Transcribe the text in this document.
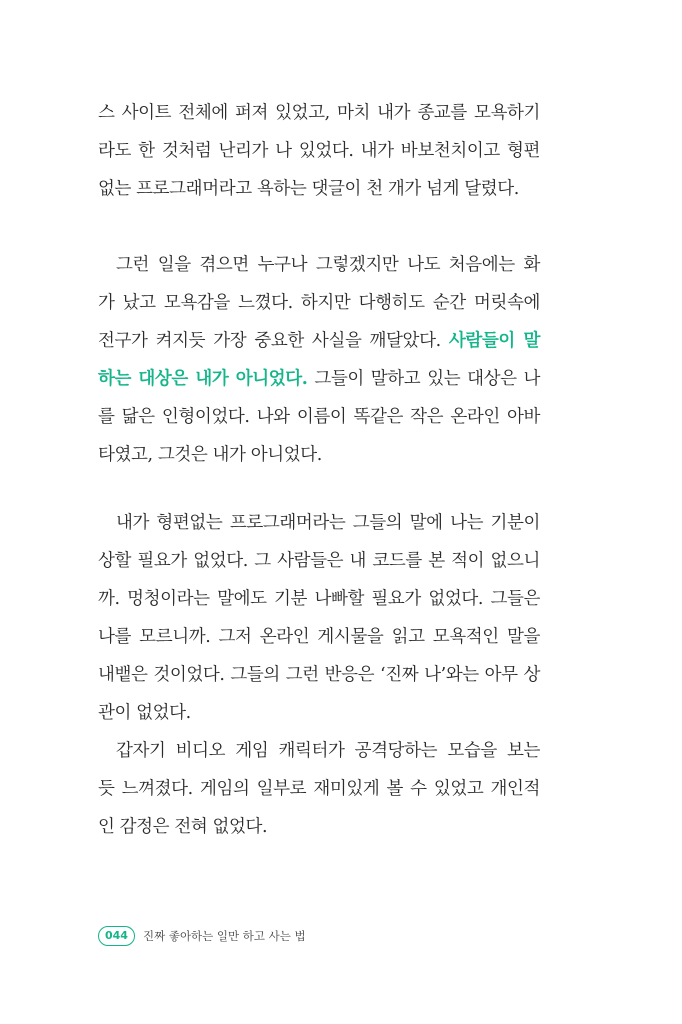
스 사이트 전체에 퍼져 있었고, 마치 내가 종교를 모욕하기
라도 한 것처럼 난리가 나 있었다. 내가 바보천치이고 형편
없는 프로그래머라고 욕하는 댓글이 천 개가 넘게 달렸다.
그런 일을 겪으면 누구나 그렇겠지만 나도 처음에는 화
가 났고 모욕감을 느꼈다. 하지만 다행히도 순간 머릿속에
전구가 켜지듯 가장 중요한 사실을 깨달았다. 사람들이 말
하는 대상은 내가 아니었다. 그들이 말하고 있는 대상은 나
를 닮은 인형이었다. 나와 이름이 똑같은 작은 온라인 아바
타였고, 그것은 내가 아니었다.
내가 형편없는 프로그래머라는 그들의 말에 나는 기분이
상할 필요가 없었다. 그 사람들은 내 코드를 본 적이 없으니
까. 멍청이라는 말에도 기분 나빠할 필요가 없었다. 그들은
나를 모르니까. 그저 온라인 게시물을 읽고 모욕적인 말을
내뱉은 것이었다. 그들의 그런 반응은 ‘진짜 나’와는 아무 상
관이 없었다.
갑자기 비디오 게임 캐릭터가 공격당하는 모습을 보는
듯 느껴졌다. 게임의 일부로 재미있게 볼 수 있었고 개인적
인 감정은 전혀 없었다.
044	진짜 좋아하는 일만 하고 사는 법
